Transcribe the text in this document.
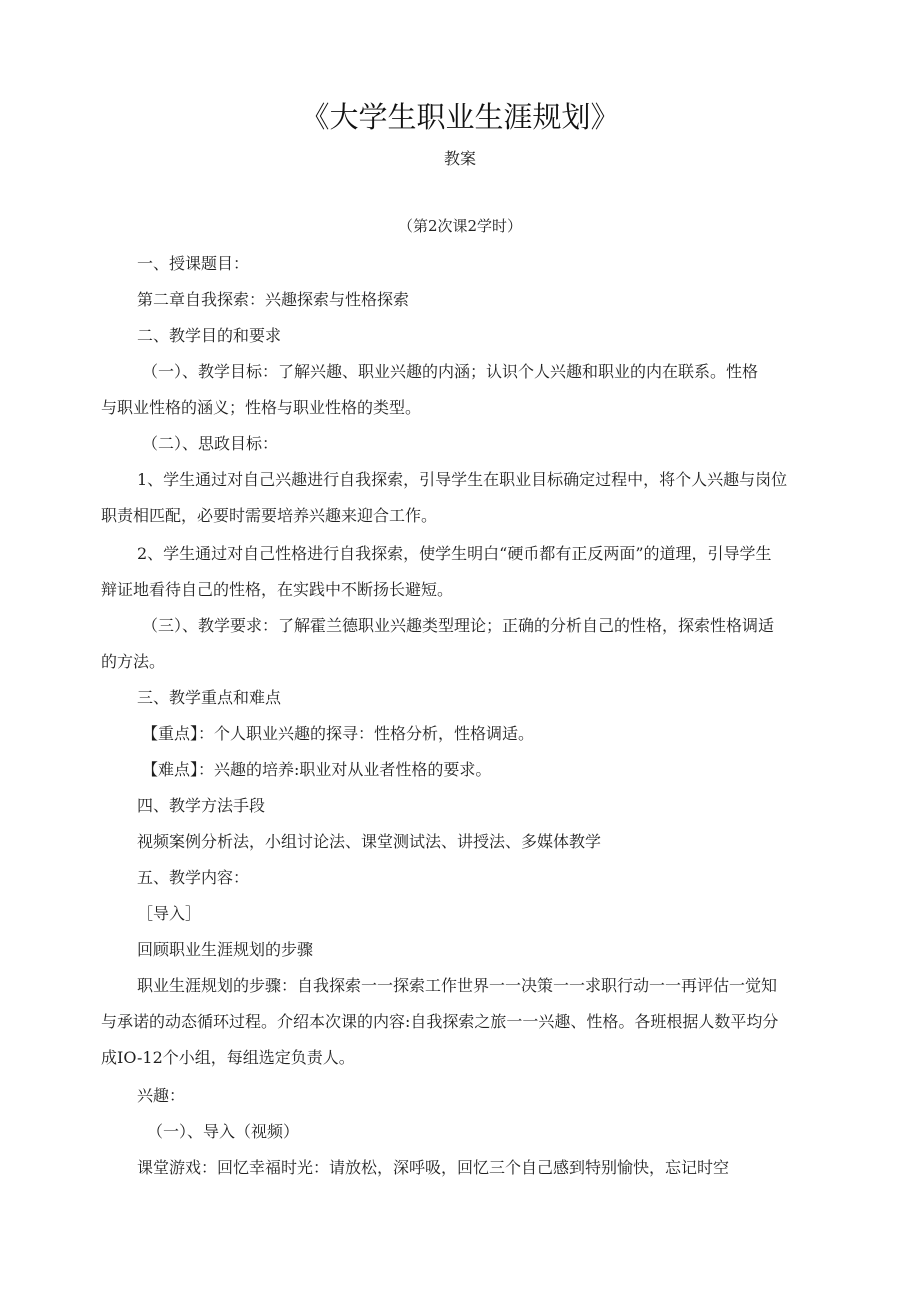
《大学生职业生涯规划》
教案
（第2次课2学时）
一、授课题目：
第二章自我探索：兴趣探索与性格探索
二、教学目的和要求
（一）、教学目标：了解兴趣、职业兴趣的内涵；认识个人兴趣和职业的内在联系。性格
与职业性格的涵义；性格与职业性格的类型。
（二）、思政目标：
1、学生通过对自己兴趣进行自我探索，引导学生在职业目标确定过程中，将个人兴趣与岗位
职责相匹配，必要时需要培养兴趣来迎合工作。
2、学生通过对自己性格进行自我探索，使学生明白“硬币都有正反两面”的道理，引导学生
辩证地看待自己的性格，在实践中不断扬长避短。
（三）、教学要求：了解霍兰德职业兴趣类型理论；正确的分析自己的性格，探索性格调适
的方法。
三、教学重点和难点
【重点】：个人职业兴趣的探寻：性格分析，性格调适。
【难点】：兴趣的培养:职业对从业者性格的要求。
四、教学方法手段
视频案例分析法，小组讨论法、课堂测试法、讲授法、多媒体教学
五、教学内容：
［导入］
回顾职业生涯规划的步骤
职业生涯规划的步骤：自我探索一一探索工作世界一一决策一一求职行动一一再评估一觉知
与承诺的动态循环过程。介绍本次课的内容:自我探索之旅一一兴趣、性格。各班根据人数平均分
成IO-12个小组，每组选定负责人。
兴趣：
（一）、导入（视频）
课堂游戏：回忆幸福时光：请放松，深呼吸，回忆三个自己感到特别愉快，忘记时空
